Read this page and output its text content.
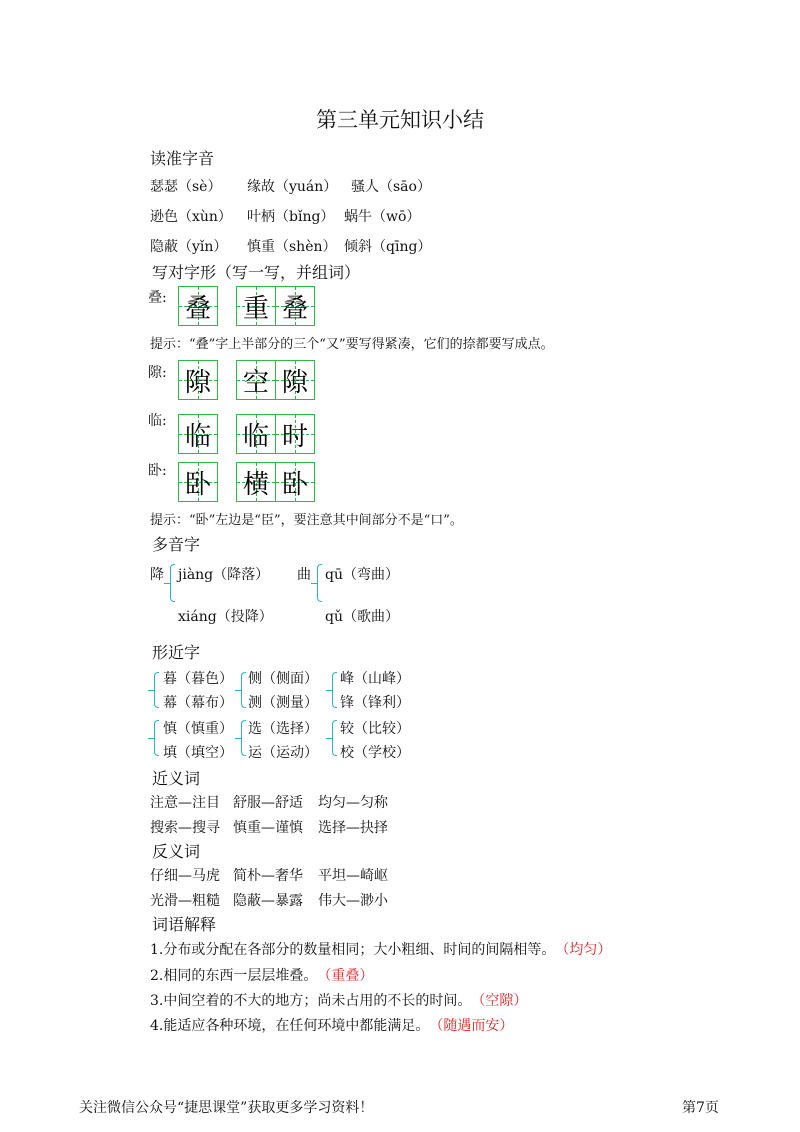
第三单元知识小结
读准字音
瑟瑟（sè） 缘故（yuán） 骚人（sāo）
逊色（xùn） 叶柄（bǐng） 蜗牛（wō）
隐蔽（yǐn） 慎重（shèn） 倾斜（qīng）
写对字形（写一写，并组词）
叠: 叠 重 叠
提示：“叠”字上半部分的三个“又”要写得紧凑，它们的捺都要写成点。
隙: 隙 空 隙
临:
临 临 时
卧: 卧 横 卧
提示：“卧”左边是“臣”，要注意其中间部分不是“口”。
多音字
降 jiàng（降落）
xiáng（投降）
曲 qū（弯曲）
qǔ（歌曲）
形近字
暮（暮色）
幕（幕布）
侧（侧面）
测（测量）
峰（山峰）
锋（锋利）
慎（慎重）
填（填空）
选（选择）
运（运动）
较（比较）
校（学校）
近义词
注意—注目 舒服—舒适 均匀—匀称
搜索—搜寻 慎重—谨慎 选择—抉择
反义词
仔细—马虎 简朴—奢华 平坦—崎岖
光滑—粗糙 隐蔽—暴露 伟大—渺小
词语解释
1.分布或分配在各部分的数量相同；大小粗细、时间的间隔相等。（均匀）
2.相同的东西一层层堆叠。（重叠）
3.中间空着的不大的地方；尚未占用的不长的时间。（空隙）
4.能适应各种环境，在任何环境中都能满足。（随遇而安）
关注微信公众号“捷思课堂”获取更多学习资料！	第7页
